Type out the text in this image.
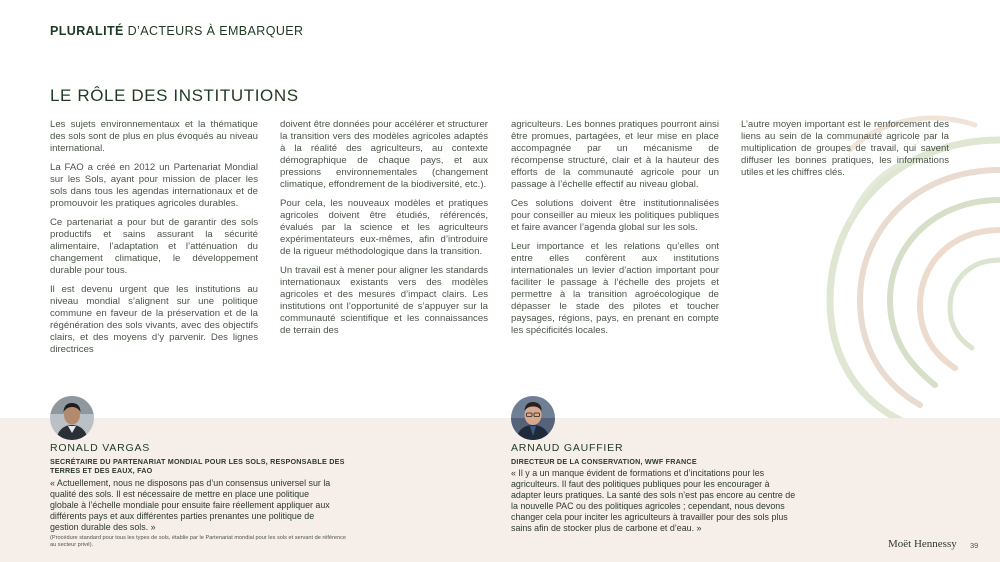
PLURALITÉ D’ACTEURS À EMBARQUER
LE RÔLE DES INSTITUTIONS

Les sujets environnementaux et la thématique des sols sont de plus en plus évoqués au niveau international.

La FAO a créé en 2012 un Partenariat Mondial sur les Sols, ayant pour mission de placer les sols dans tous les agendas internationaux et de promouvoir les pratiques agricoles durables.

Ce partenariat a pour but de garantir des sols productifs et sains assurant la sécurité alimentaire, l’adaptation et l’atténuation du changement climatique, le développement durable pour tous.

Il est devenu urgent que les institutions au niveau mondial s’alignent sur une politique commune en faveur de la préservation et de la régénération des sols vivants, avec des objectifs clairs, et des moyens d’y parvenir. Des lignes directrices

doivent être données pour accélérer et structurer la transition vers des modèles agricoles adaptés à la réalité des agriculteurs, au contexte démographique de chaque pays, et aux pressions environnementales (changement climatique, effondrement de la biodiversité, etc.).

Pour cela, les nouveaux modèles et pratiques agricoles doivent être étudiés, référencés, évalués par la science et les agriculteurs expérimentateurs eux-mêmes, afin d’introduire de la rigueur méthodologique dans la transition.

Un travail est à mener pour aligner les standards internationaux existants vers des modèles agricoles et des mesures d’impact clairs. Les institutions ont l’opportunité de s’appuyer sur la communauté scientifique et les connaissances de terrain des

agriculteurs. Les bonnes pratiques pourront ainsi être promues, partagées, et leur mise en place accompagnée par un mécanisme de récompense structuré, clair et à la hauteur des efforts de la communauté agricole pour un passage à l’échelle effectif au niveau global.

Ces solutions doivent être institutionnalisées pour conseiller au mieux les politiques publiques et faire avancer l’agenda global sur les sols.

Leur importance et les relations qu’elles ont entre elles confèrent aux institutions internationales un levier d’action important pour faciliter le passage à l’échelle des projets et permettre à la transition agroécologique de dépasser le stade des pilotes et toucher paysages, régions, pays, en prenant en compte les spécificités locales.

L’autre moyen important est le renforcement des liens au sein de la communauté agricole par la multiplication de groupes de travail, qui savent diffuser les bonnes pratiques, les informations utiles et les chiffres clés.

RONALD VARGAS
SECRÉTAIRE DU PARTENARIAT MONDIAL POUR LES SOLS, RESPONSABLE DES TERRES ET DES EAUX, FAO
« Actuellement, nous ne disposons pas d’un consensus universel sur la qualité des sols. Il est nécessaire de mettre en place une politique globale à l’échelle mondiale pour ensuite faire réellement appliquer aux différents pays et aux différentes parties prenantes une politique de gestion durable des sols. »
ARNAUD GAUFFIER
DIRECTEUR DE LA CONSERVATION, WWF FRANCE
« Il y a un manque évident de formations et d’incitations pour les agriculteurs. Il faut des politiques publiques pour les encourager à adapter leurs pratiques. La santé des sols n’est pas encore au centre de la nouvelle PAC ou des politiques agricoles ; cependant, nous devons changer cela pour inciter les agriculteurs à travailler pour des sols plus sains afin de stocker plus de carbone et d’eau. »
(Procédure standard pour tous les types de sols, établie par le Partenariat mondial pour les sols et servant de référence au secteur privé).	Moët Hennessy 39
